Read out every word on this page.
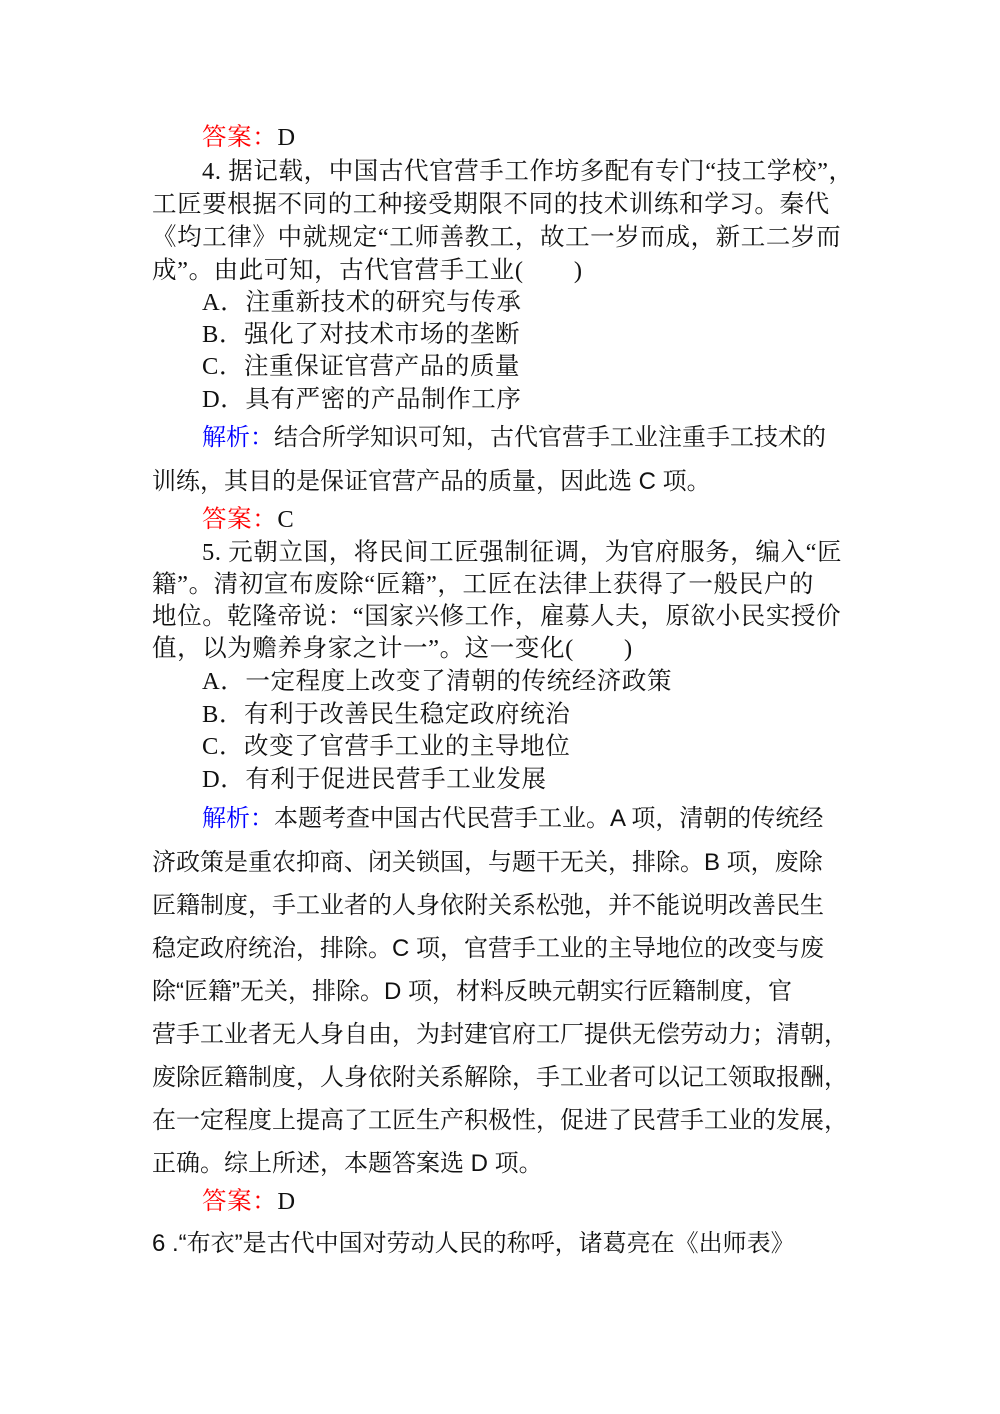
答案：D
4. 据记载，中国古代官营手工作坊多配有专门“技工学校”，
工匠要根据不同的工种接受期限不同的技术训练和学习。秦代
《均工律》中就规定“工师善教工，故工一岁而成，新工二岁而
成”。由此可知，古代官营手工业(　　)
A．注重新技术的研究与传承
B．强化了对技术市场的垄断
C．注重保证官营产品的质量
D．具有严密的产品制作工序
解析：结合所学知识可知，古代官营手工业注重手工技术的
训练，其目的是保证官营产品的质量，因此选 C 项。
答案：C
5. 元朝立国，将民间工匠强制征调，为官府服务，编入“匠
籍”。清初宣布废除“匠籍”，工匠在法律上获得了一般民户的
地位。乾隆帝说：“国家兴修工作，雇募人夫，原欲小民实授价
值，以为赡养身家之计一”。这一变化(　　)
A．一定程度上改变了清朝的传统经济政策
B．有利于改善民生稳定政府统治
C．改变了官营手工业的主导地位
D．有利于促进民营手工业发展
解析：本题考查中国古代民营手工业。A 项，清朝的传统经
济政策是重农抑商、闭关锁国，与题干无关，排除。B 项，废除
匠籍制度，手工业者的人身依附关系松弛，并不能说明改善民生
稳定政府统治，排除。C 项，官营手工业的主导地位的改变与废
除“匠籍”无关，排除。D 项，材料反映元朝实行匠籍制度，官
营手工业者无人身自由，为封建官府工厂提供无偿劳动力；清朝，
废除匠籍制度，人身依附关系解除，手工业者可以记工领取报酬，
在一定程度上提高了工匠生产积极性，促进了民营手工业的发展，
正确。综上所述，本题答案选 D 项。
答案：D
6 .“布衣”是古代中国对劳动人民的称呼，诸葛亮在《出师表》
